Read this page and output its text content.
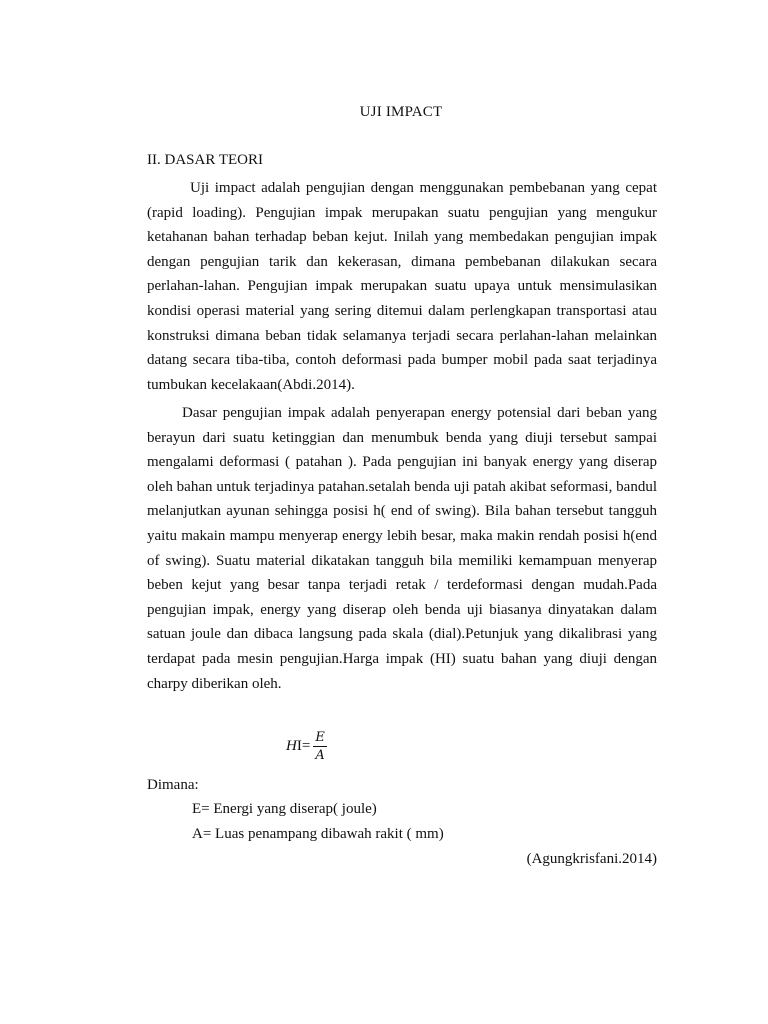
UJI IMPACT
II. DASAR TEORI

Uji impact adalah pengujian dengan menggunakan pembebanan yang cepat (rapid loading). Pengujian impak merupakan suatu pengujian yang mengukur ketahanan bahan terhadap beban kejut. Inilah yang membedakan pengujian impak dengan pengujian tarik dan kekerasan, dimana pembebanan dilakukan secara perlahan-lahan. Pengujian impak merupakan suatu upaya untuk mensimulasikan kondisi operasi material yang sering ditemui dalam perlengkapan transportasi atau konstruksi dimana beban tidak selamanya terjadi secara perlahan-lahan melainkan datang secara tiba-tiba, contoh deformasi pada bumper mobil pada saat terjadinya tumbukan kecelakaan(Abdi.2014).

Dasar pengujian impak adalah penyerapan energy potensial dari beban yang berayun dari suatu ketinggian dan menumbuk benda yang diuji tersebut sampai mengalami deformasi ( patahan ). Pada pengujian ini banyak energy yang diserap oleh bahan untuk terjadinya patahan.setalah benda uji patah akibat seformasi, bandul melanjutkan ayunan sehingga posisi h( end of swing). Bila bahan tersebut tangguh yaitu makain mampu menyerap energy lebih besar, maka makin rendah posisi h(end of swing). Suatu material dikatakan tangguh bila memiliki kemampuan menyerap beben kejut yang besar tanpa terjadi retak / terdeformasi dengan mudah.Pada pengujian impak, energy yang diserap oleh benda uji biasanya dinyatakan dalam satuan joule dan dibaca langsung pada skala (dial).Petunjuk yang dikalibrasi yang terdapat pada mesin pengujian.Harga impak (HI) suatu bahan yang diuji dengan charpy diberikan oleh.

$HI= \frac{E}{A}$
Dimana:
E= Energi yang diserap( joule)
A= Luas penampang dibawah rakit ( mm)
(Agungkrisfani.2014)
